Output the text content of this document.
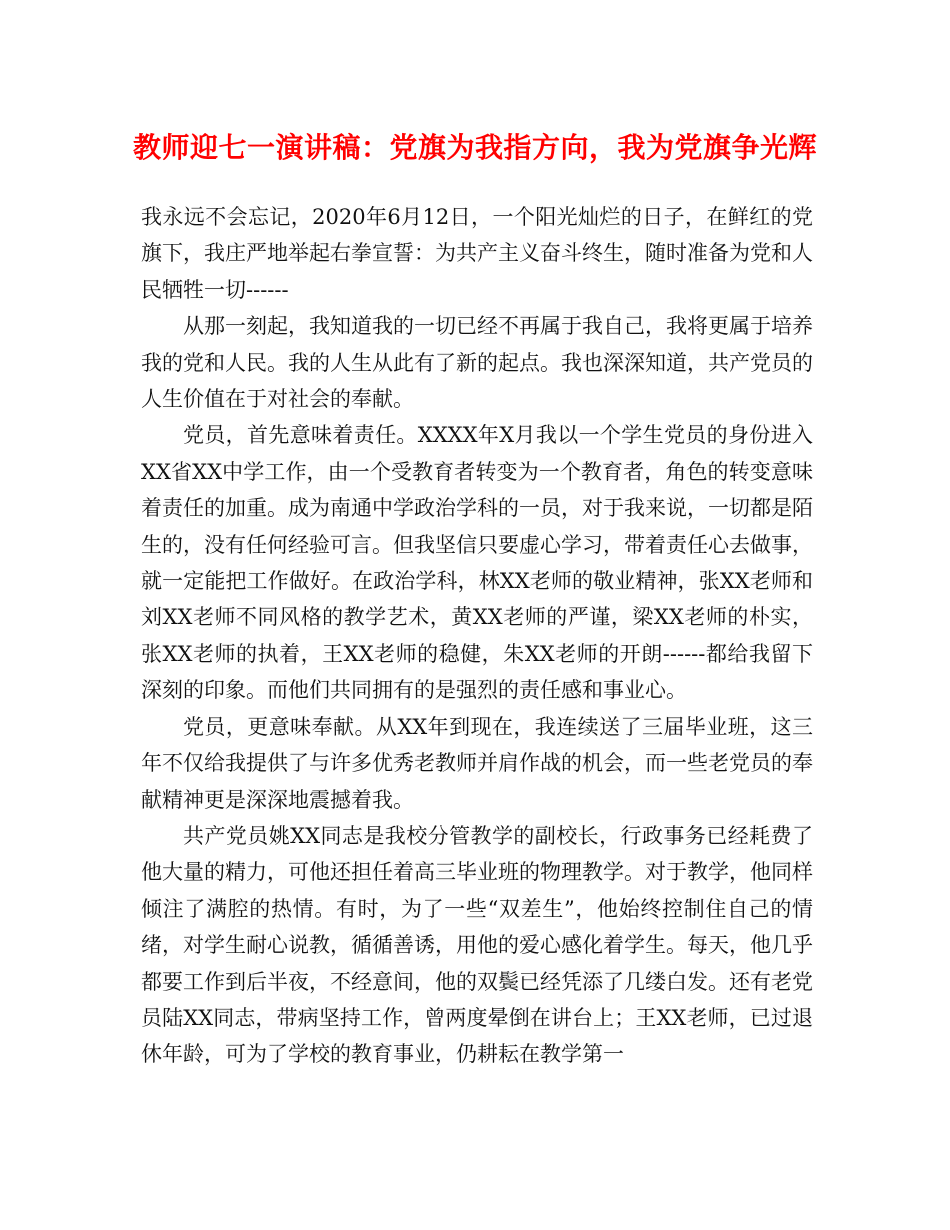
教师迎七一演讲稿：党旗为我指方向，我为党旗争光辉

我永远不会忘记，2020年6月12日，一个阳光灿烂的日子，在鲜红的党旗下，我庄严地举起右拳宣誓：为共产主义奋斗终生，随时准备为党和人民牺牲一切------

从那一刻起，我知道我的一切已经不再属于我自己，我将更属于培养我的党和人民。我的人生从此有了新的起点。我也深深知道，共产党员的人生价值在于对社会的奉献。

党员，首先意味着责任。XXXX年X月我以一个学生党员的身份进入XX省XX中学工作，由一个受教育者转变为一个教育者，角色的转变意味着责任的加重。成为南通中学政治学科的一员，对于我来说，一切都是陌生的，没有任何经验可言。但我坚信只要虚心学习，带着责任心去做事，就一定能把工作做好。在政治学科，林XX老师的敬业精神，张XX老师和刘XX老师不同风格的教学艺术，黄XX老师的严谨，梁XX老师的朴实，张XX老师的执着，王XX老师的稳健，朱XX老师的开朗------都给我留下深刻的印象。而他们共同拥有的是强烈的责任感和事业心。

党员，更意味奉献。从XX年到现在，我连续送了三届毕业班，这三年不仅给我提供了与许多优秀老教师并肩作战的机会，而一些老党员的奉献精神更是深深地震撼着我。

共产党员姚XX同志是我校分管教学的副校长，行政事务已经耗费了他大量的精力，可他还担任着高三毕业班的物理教学。对于教学，他同样倾注了满腔的热情。有时，为了一些“双差生”，他始终控制住自己的情绪，对学生耐心说教，循循善诱，用他的爱心感化着学生。每天，他几乎都要工作到后半夜，不经意间，他的双鬓已经凭添了几缕白发。还有老党员陆XX同志，带病坚持工作，曾两度晕倒在讲台上；王XX老师，已过退休年龄，可为了学校的教育事业，仍耕耘在教学第一
